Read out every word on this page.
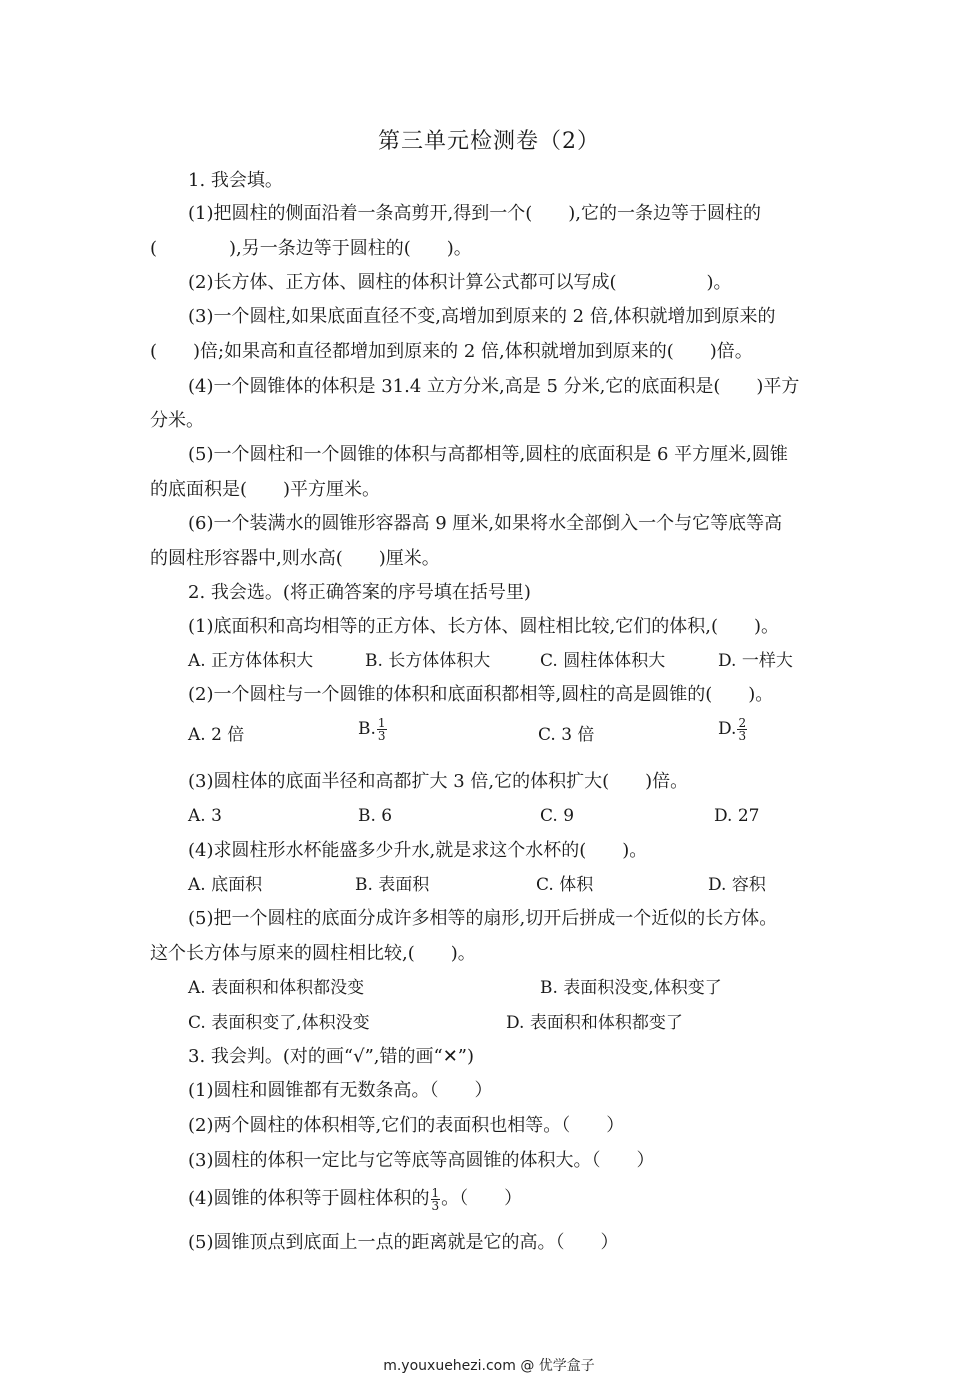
第三单元检测卷（2）
1. 我会填。
(1)把圆柱的侧面沿着一条高剪开,得到一个(　　),它的一条边等于圆柱的
(　　　　),另一条边等于圆柱的(　　)。
(2)长方体、正方体、圆柱的体积计算公式都可以写成(　　　　　)。
(3)一个圆柱,如果底面直径不变,高增加到原来的 2 倍,体积就增加到原来的
(　　)倍;如果高和直径都增加到原来的 2 倍,体积就增加到原来的(　　)倍。
(4)一个圆锥体的体积是 31.4 立方分米,高是 5 分米,它的底面积是(　　)平方
分米。
(5)一个圆柱和一个圆锥的体积与高都相等,圆柱的底面积是 6 平方厘米,圆锥
的底面积是(　　)平方厘米。
(6)一个装满水的圆锥形容器高 9 厘米,如果将水全部倒入一个与它等底等高
的圆柱形容器中,则水高(　　)厘米。
2. 我会选。(将正确答案的序号填在括号里)
(1)底面积和高均相等的正方体、长方体、圆柱相比较,它们的体积,(　　)。
A. 正方体体积大	B. 长方体体积大	C. 圆柱体体积大	D. 一样大
(2)一个圆柱与一个圆锥的体积和底面积都相等,圆柱的高是圆锥的(　　)。
A. 2 倍	B. $\frac{1}{3}$	C. 3 倍	D. $\frac{2}{3}$
(3)圆柱体的底面半径和高都扩大 3 倍,它的体积扩大(　　)倍。
A. 3	B. 6	C. 9	D. 27
(4)求圆柱形水杯能盛多少升水,就是求这个水杯的(　　)。
A. 底面积	B. 表面积	C. 体积	D. 容积
(5)把一个圆柱的底面分成许多相等的扇形,切开后拼成一个近似的长方体。
这个长方体与原来的圆柱相比较,(　　)。
A. 表面积和体积都没变	B. 表面积没变,体积变了
C. 表面积变了,体积没变	D. 表面积和体积都变了
3. 我会判。(对的画“√”,错的画“✕”)
(1)圆柱和圆锥都有无数条高。（　　）
(2)两个圆柱的体积相等,它们的表面积也相等。（　　）
(3)圆柱的体积一定比与它等底等高圆锥的体积大。（　　）
(4)圆锥的体积等于圆柱体积的 $\frac{1}{3}$ 。（　　）
(5)圆锥顶点到底面上一点的距离就是它的高。（　　）
m.youxuehezi.com @ 优学盒子
